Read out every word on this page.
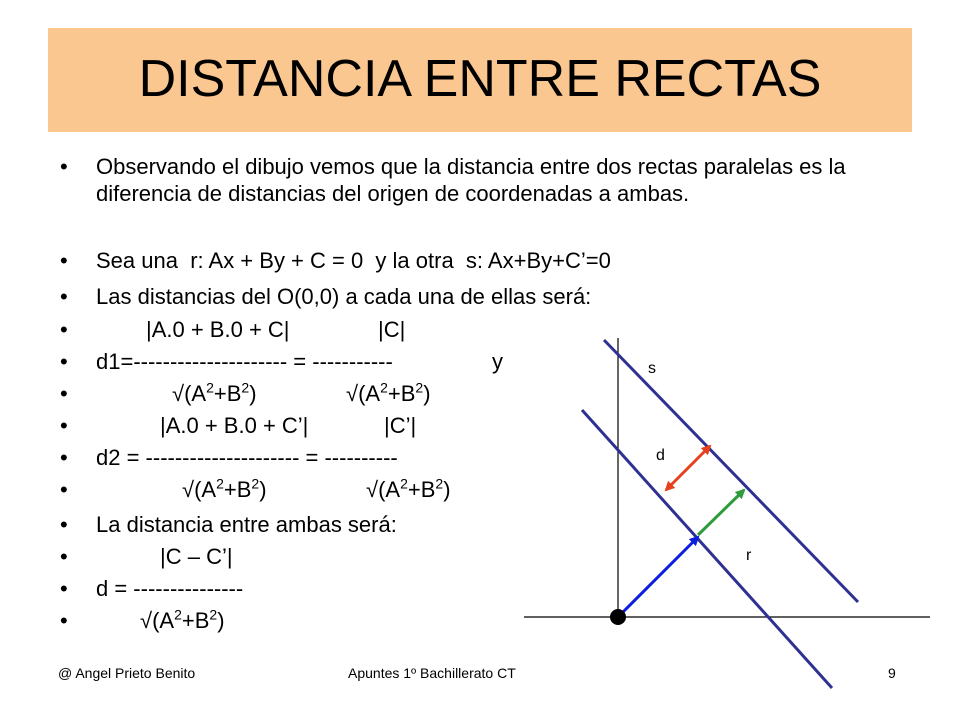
DISTANCIA ENTRE RECTAS
• Observando el dibujo vemos que la distancia entre dos rectas paralelas es la diferencia de distancias del origen de coordenadas a ambas.
• Sea una  r: Ax + By + C = 0  y la otra  s: Ax+By+C’=0
• Las distancias del O(0,0) a cada una de ellas será:
•	|A.0 + B.0 + C|	|C|
• d1=--------------------- = -----------	y
•	$√(A^2+B^2)$	$√(A^2+B^2)$
•	|A.0 + B.0 + C’|	|C’|
• d2 = --------------------- = ----------
•	$√(A^2+B^2)$	$√(A^2+B^2)$
• La distancia entre ambas será:
•	|C – C’|
• d = ---------------
•	$√(A^2+B^2)$
s
d
r
@ Angel Prieto Benito	Apuntes 1º Bachillerato CT	9
